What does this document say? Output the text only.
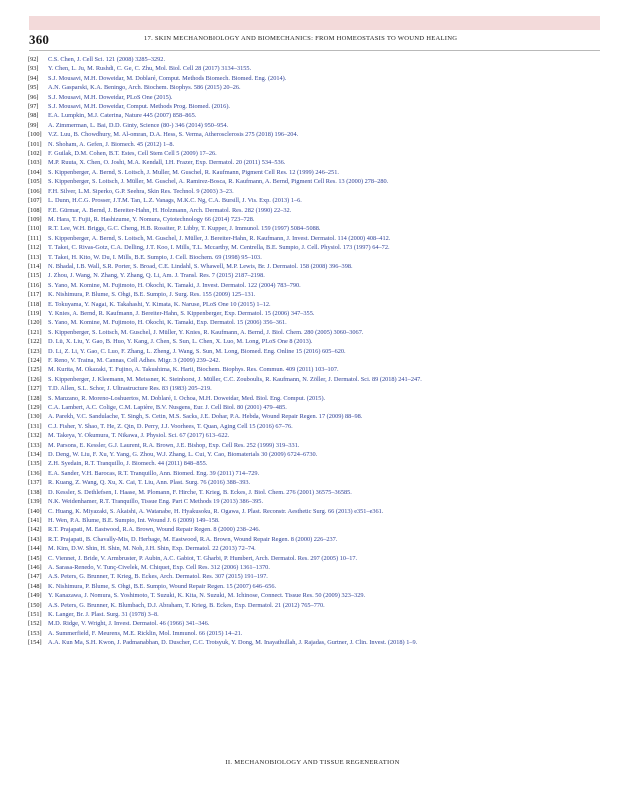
360	17. SKIN MECHANOBIOLOGY AND BIOMECHANICS: FROM HOMEOSTASIS TO WOUND HEALING
[92] C.S. Chen, J. Cell Sci. 121 (2008) 3285–3292.
[93] Y. Chen, L. Ju, M. Rushdi, C. Ge, C. Zhu, Mol. Biol. Cell 28 (2017) 3134–3155.
[94] S.J. Mousavi, M.H. Doweidar, M. Doblaré, Comput. Methods Biomech. Biomed. Eng. (2014).
[95] A.N. Gasparski, K.A. Beningo, Arch. Biochem. Biophys. 586 (2015) 20–26.
[96] S.J. Mousavi, M.H. Doweidar, PLoS One (2015).
[97] S.J. Mousavi, M.H. Doweidar, Comput. Methods Prog. Biomed. (2016).
[98] E.A. Lumpkin, M.J. Caterina, Nature 445 (2007) 858–865.
[99] A. Zimmerman, L. Bai, D.D. Ginty, Science (80-) 346 (2014) 950–954.
[100] V.Z. Luu, B. Chowdhury, M. Al-omran, D.A. Hess, S. Verma, Atherosclerosis 275 (2018) 196–204.
[101] N. Shoham, A. Gefen, J. Biomech. 45 (2012) 1–8.
[102] F. Guilak, D.M. Cohen, B.T. Estes, Cell Stem Cell 5 (2009) 17–26.
[103] M.P. Ruuta, X. Chen, O. Joshi, M.A. Kendall, I.H. Frazer, Exp. Dermatol. 20 (2011) 534–536.
[104] S. Kippenberger, A. Bernd, S. Loitsch, J. Muller, M. Guschel, R. Kaufmann, Pigment Cell Res. 12 (1999) 246–251.
[105] S. Kippenberger, S. Loitsch, J. Müller, M. Guschel, A. Ramirez-Bosca, R. Kaufmann, A. Bernd, Pigment Cell Res. 13 (2000) 278–280.
[106] F.H. Silver, L.M. Siperko, G.P. Seehra, Skin Res. Technol. 9 (2003) 3–23.
[107] L. Dunn, H.C.G. Prosser, J.T.M. Tan, L.Z. Vanags, M.K.C. Ng, C.A. Bursill, J. Vis. Exp. (2013) 1–6.
[108] F.E. Gürmar, A. Bernd, J. Bereiter-Hahn, H. Holzmann, Arch. Dermatol. Res. 282 (1990) 22–32.
[109] M. Hara, T. Fujii, R. Hashizume, Y. Nomura, Cytotechnology 66 (2014) 723–728.
[110] R.T. Lee, W.H. Briggs, G.C. Cheng, H.B. Rossiter, P. Libby, T. Kupper, J. Immunol. 159 (1997) 5084–5088.
[111] S. Kippenberger, A. Bernd, S. Loitsch, M. Guschel, J. Müller, J. Bereiter-Hahn, R. Kaufmann, J. Invest. Dermatol. 114 (2000) 408–412.
[112] T. Takei, C. Rivas-Gotz, C.A. Delling, J.T. Koo, I. Mills, T.L. Mccarthy, M. Centrella, B.E. Sumpio, J. Cell. Physiol. 173 (1997) 64–72.
[113] T. Takei, H. Kito, W. Du, I. Mills, B.E. Sumpio, J. Cell. Biochem. 69 (1998) 95–103.
[114] N. Bhadal, I.B. Wall, S.R. Porter, S. Broad, C.E. Lindahl, S. Whawell, M.P. Lewis, Br. J. Dermatol. 158 (2008) 396–398.
[115] J. Zhou, J. Wang, N. Zhang, Y. Zhang, Q. Li, Am. J. Transl. Res. 7 (2015) 2187–2198.
[116] S. Yano, M. Komine, M. Fujimoto, H. Okochi, K. Tamaki, J. Invest. Dermatol. 122 (2004) 783–790.
[117] K. Nishimura, P. Blume, S. Ohgi, B.E. Sumpio, J. Surg. Res. 155 (2009) 125–131.
[118] E. Tokuyama, Y. Nagai, K. Takahashi, Y. Kimata, K. Naruse, PLoS One 10 (2015) 1–12.
[119] Y. Knies, A. Bernd, R. Kaufmann, J. Bereiter-Hahn, S. Kippenberger, Exp. Dermatol. 15 (2006) 347–355.
[120] S. Yano, M. Komine, M. Fujimoto, H. Okochi, K. Tamaki, Exp. Dermatol. 15 (2006) 356–361.
[121] S. Kippenberger, S. Loitsch, M. Guschel, J. Müller, Y. Knies, R. Kaufmann, A. Bernd, J. Biol. Chem. 280 (2005) 3060–3067.
[122] D. Lü, X. Liu, Y. Gao, B. Huo, Y. Kang, J. Chen, S. Sun, L. Chen, X. Luo, M. Long, PLoS One 8 (2013).
[123] D. Li, Z. Li, Y. Gao, C. Luo, F. Zhang, L. Zheng, J. Wang, S. Sun, M. Long, Biomed. Eng. Online 15 (2016) 605–620.
[124] F. Reno, V. Traina, M. Cannas, Cell Adhes. Migr. 3 (2009) 239–242.
[125] M. Kurita, M. Okazaki, T. Fujino, A. Takushima, K. Harii, Biochem. Biophys. Res. Commun. 409 (2011) 103–107.
[126] S. Kippenberger, J. Kleemann, M. Meissner, K. Steinhorst, J. Müller, C.C. Zouboulis, R. Kaufmann, N. Zöller, J. Dermatol. Sci. 89 (2018) 241–247.
[127] T.D. Allen, S.L. Schor, J. Ultrastructure Res. 83 (1983) 205–219.
[128] S. Manzano, R. Moreno-Loshuertos, M. Doblaré, I. Ochoa, M.H. Doweidar, Med. Biol. Eng. Comput. (2015).
[129] C.A. Lambert, A.C. Colige, C.M. Lapière, B.V. Nusgens, Eur. J. Cell Biol. 80 (2001) 479–485.
[130] A. Parekh, V.C. Sandulache, T. Singh, S. Cetin, M.S. Sacks, J.E. Dohar, P.A. Hebda, Wound Repair Regen. 17 (2009) 88–98.
[131] C.J. Fisher, Y. Shao, T. He, Z. Qin, D. Perry, J.J. Voorhees, T. Quan, Aging Cell 15 (2016) 67–76.
[132] M. Takeya, Y. Okumura, T. Nikawa, J. Physiol. Sci. 67 (2017) 613–622.
[133] M. Parsons, E. Kessler, G.J. Laurent, R.A. Brown, J.E. Bishop, Exp. Cell Res. 252 (1999) 319–331.
[134] D. Deng, W. Liu, F. Xu, Y. Yang, G. Zhou, W.J. Zhang, L. Cui, Y. Cao, Biomaterials 30 (2009) 6724–6730.
[135] Z.H. Syedain, R.T. Tranquillo, J. Biomech. 44 (2011) 848–855.
[136] E.A. Sander, V.H. Barocas, R.T. Tranquillo, Ann. Biomed. Eng. 39 (2011) 714–729.
[137] R. Kuang, Z. Wang, Q. Xu, X. Cai, T. Liu, Ann. Plast. Surg. 76 (2016) 388–393.
[138] D. Kessler, S. Dethlefsen, I. Haase, M. Plomann, F. Hirche, T. Krieg, B. Eckes, J. Biol. Chem. 276 (2001) 36575–36585.
[139] N.K. Weidenhamer, R.T. Tranquillo, Tissue Eng. Part C Methods 19 (2013) 386–395.
[140] C. Huang, K. Miyazaki, S. Akaishi, A. Watanabe, H. Hyakusoku, R. Ogawa, J. Plast. Reconstr. Aesthetic Surg. 66 (2013) e351–e361.
[141] H. Wen, P.A. Blume, B.E. Sumpio, Int. Wound J. 6 (2009) 149–158.
[142] R.T. Prajapati, M. Eastwood, R.A. Brown, Wound Repair Regen. 8 (2000) 238–246.
[143] R.T. Prajapati, B. Chavally-Mis, D. Herbage, M. Eastwood, R.A. Brown, Wound Repair Regen. 8 (2000) 226–237.
[144] M. Kim, D.W. Shin, H. Shin, M. Noh, J.H. Shin, Exp. Dermatol. 22 (2013) 72–74.
[145] C. Viennet, J. Bride, V. Armbruster, P. Aubin, A.C. Gabiot, T. Gharbi, P. Humbert, Arch. Dermatol. Res. 297 (2005) 10–17.
[146] A. Sarasa-Renedo, V. Tunç-Civelek, M. Chiquet, Exp. Cell Res. 312 (2006) 1361–1370.
[147] A.S. Peters, G. Brunner, T. Krieg, B. Eckes, Arch. Dermatol. Res. 307 (2015) 191–197.
[148] K. Nishimura, P. Blume, S. Ohgi, B.E. Sumpio, Wound Repair Regen. 15 (2007) 646–656.
[149] Y. Kanazawa, J. Nomura, S. Yoshimoto, T. Suzuki, K. Kita, N. Suzuki, M. Ichinose, Connect. Tissue Res. 50 (2009) 323–329.
[150] A.S. Peters, G. Brunner, K. Blumbach, D.J. Abraham, T. Krieg, B. Eckes, Exp. Dermatol. 21 (2012) 765–770.
[151] K. Langer, Br. J. Plast. Surg. 31 (1978) 3–8.
[152] M.D. Ridge, V. Wright, J. Invest. Dermatol. 46 (1966) 341–346.
[153] A. Summerfield, F. Meurens, M.E. Ricklin, Mol. Immunol. 66 (2015) 14–21.
[154] A.A. Kun Ma, S.H. Kwon, J. Padmanabhan, D. Duscher, C.C. Trotsyuk, Y. Dong, M. Inayathullah, J. Rajadas, Gurtner, J. Clin. Invest. (2018) 1–9.
II. MECHANOBIOLOGY AND TISSUE REGENERATION
